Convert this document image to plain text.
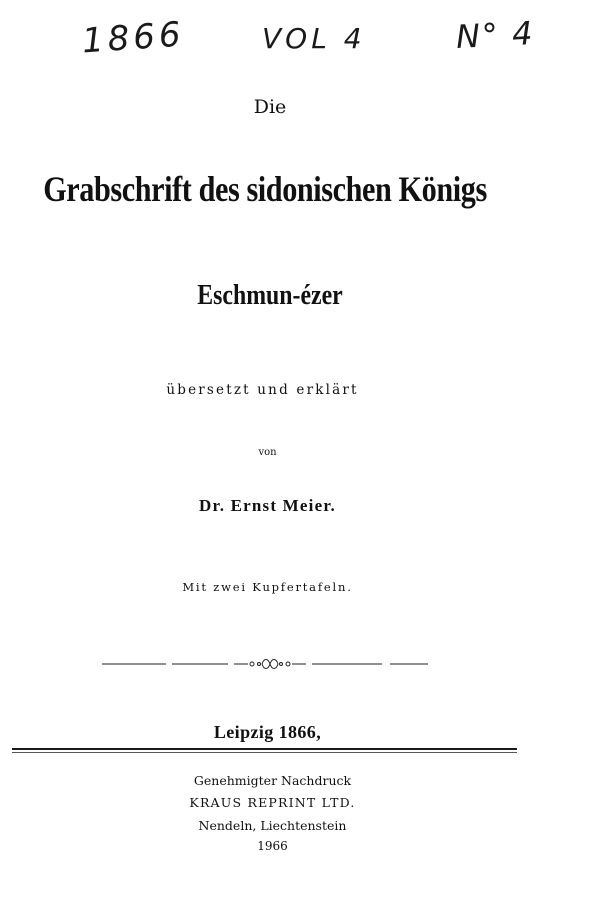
1866	VOL 4	N° 4
Die
Grabschrift des sidonischen Königs
Eschmun-ézer
übersetzt und erklärt
von
Dr. Ernst Meier.
Mit zwei Kupfertafeln.
Leipzig 1866,
Genehmigter Nachdruck
KRAUS REPRINT LTD.
Nendeln, Liechtenstein
1966
